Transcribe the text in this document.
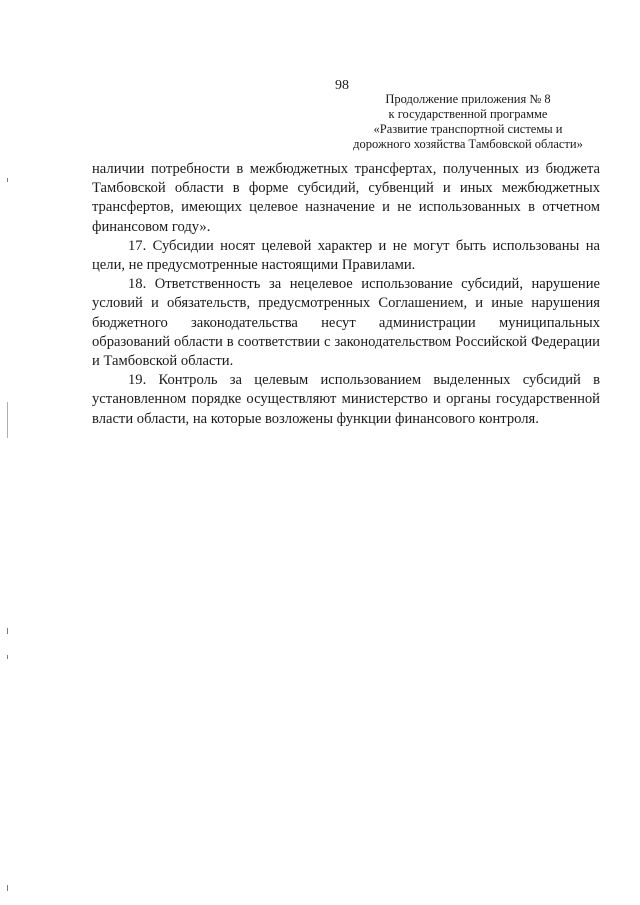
98
Продолжение приложения № 8
к государственной программе
«Развитие транспортной системы и
дорожного хозяйства Тамбовской области»

наличии потребности в межбюджетных трансфертах, полученных из бюджета Тамбовской области в форме субсидий, субвенций и иных межбюджетных трансфертов, имеющих целевое назначение и не использованных в отчетном финансовом году».

17. Субсидии носят целевой характер и не могут быть использованы на цели, не предусмотренные настоящими Правилами.

18. Ответственность за нецелевое использование субсидий, нарушение условий и обязательств, предусмотренных Соглашением, и иные нарушения бюджетного законодательства несут администрации муниципальных образований области в соответствии с законодательством Российской Федерации и Тамбовской области.

19. Контроль за целевым использованием выделенных субсидий в установленном порядке осуществляют министерство и органы государственной власти области, на которые возложены функции финансового контроля.
